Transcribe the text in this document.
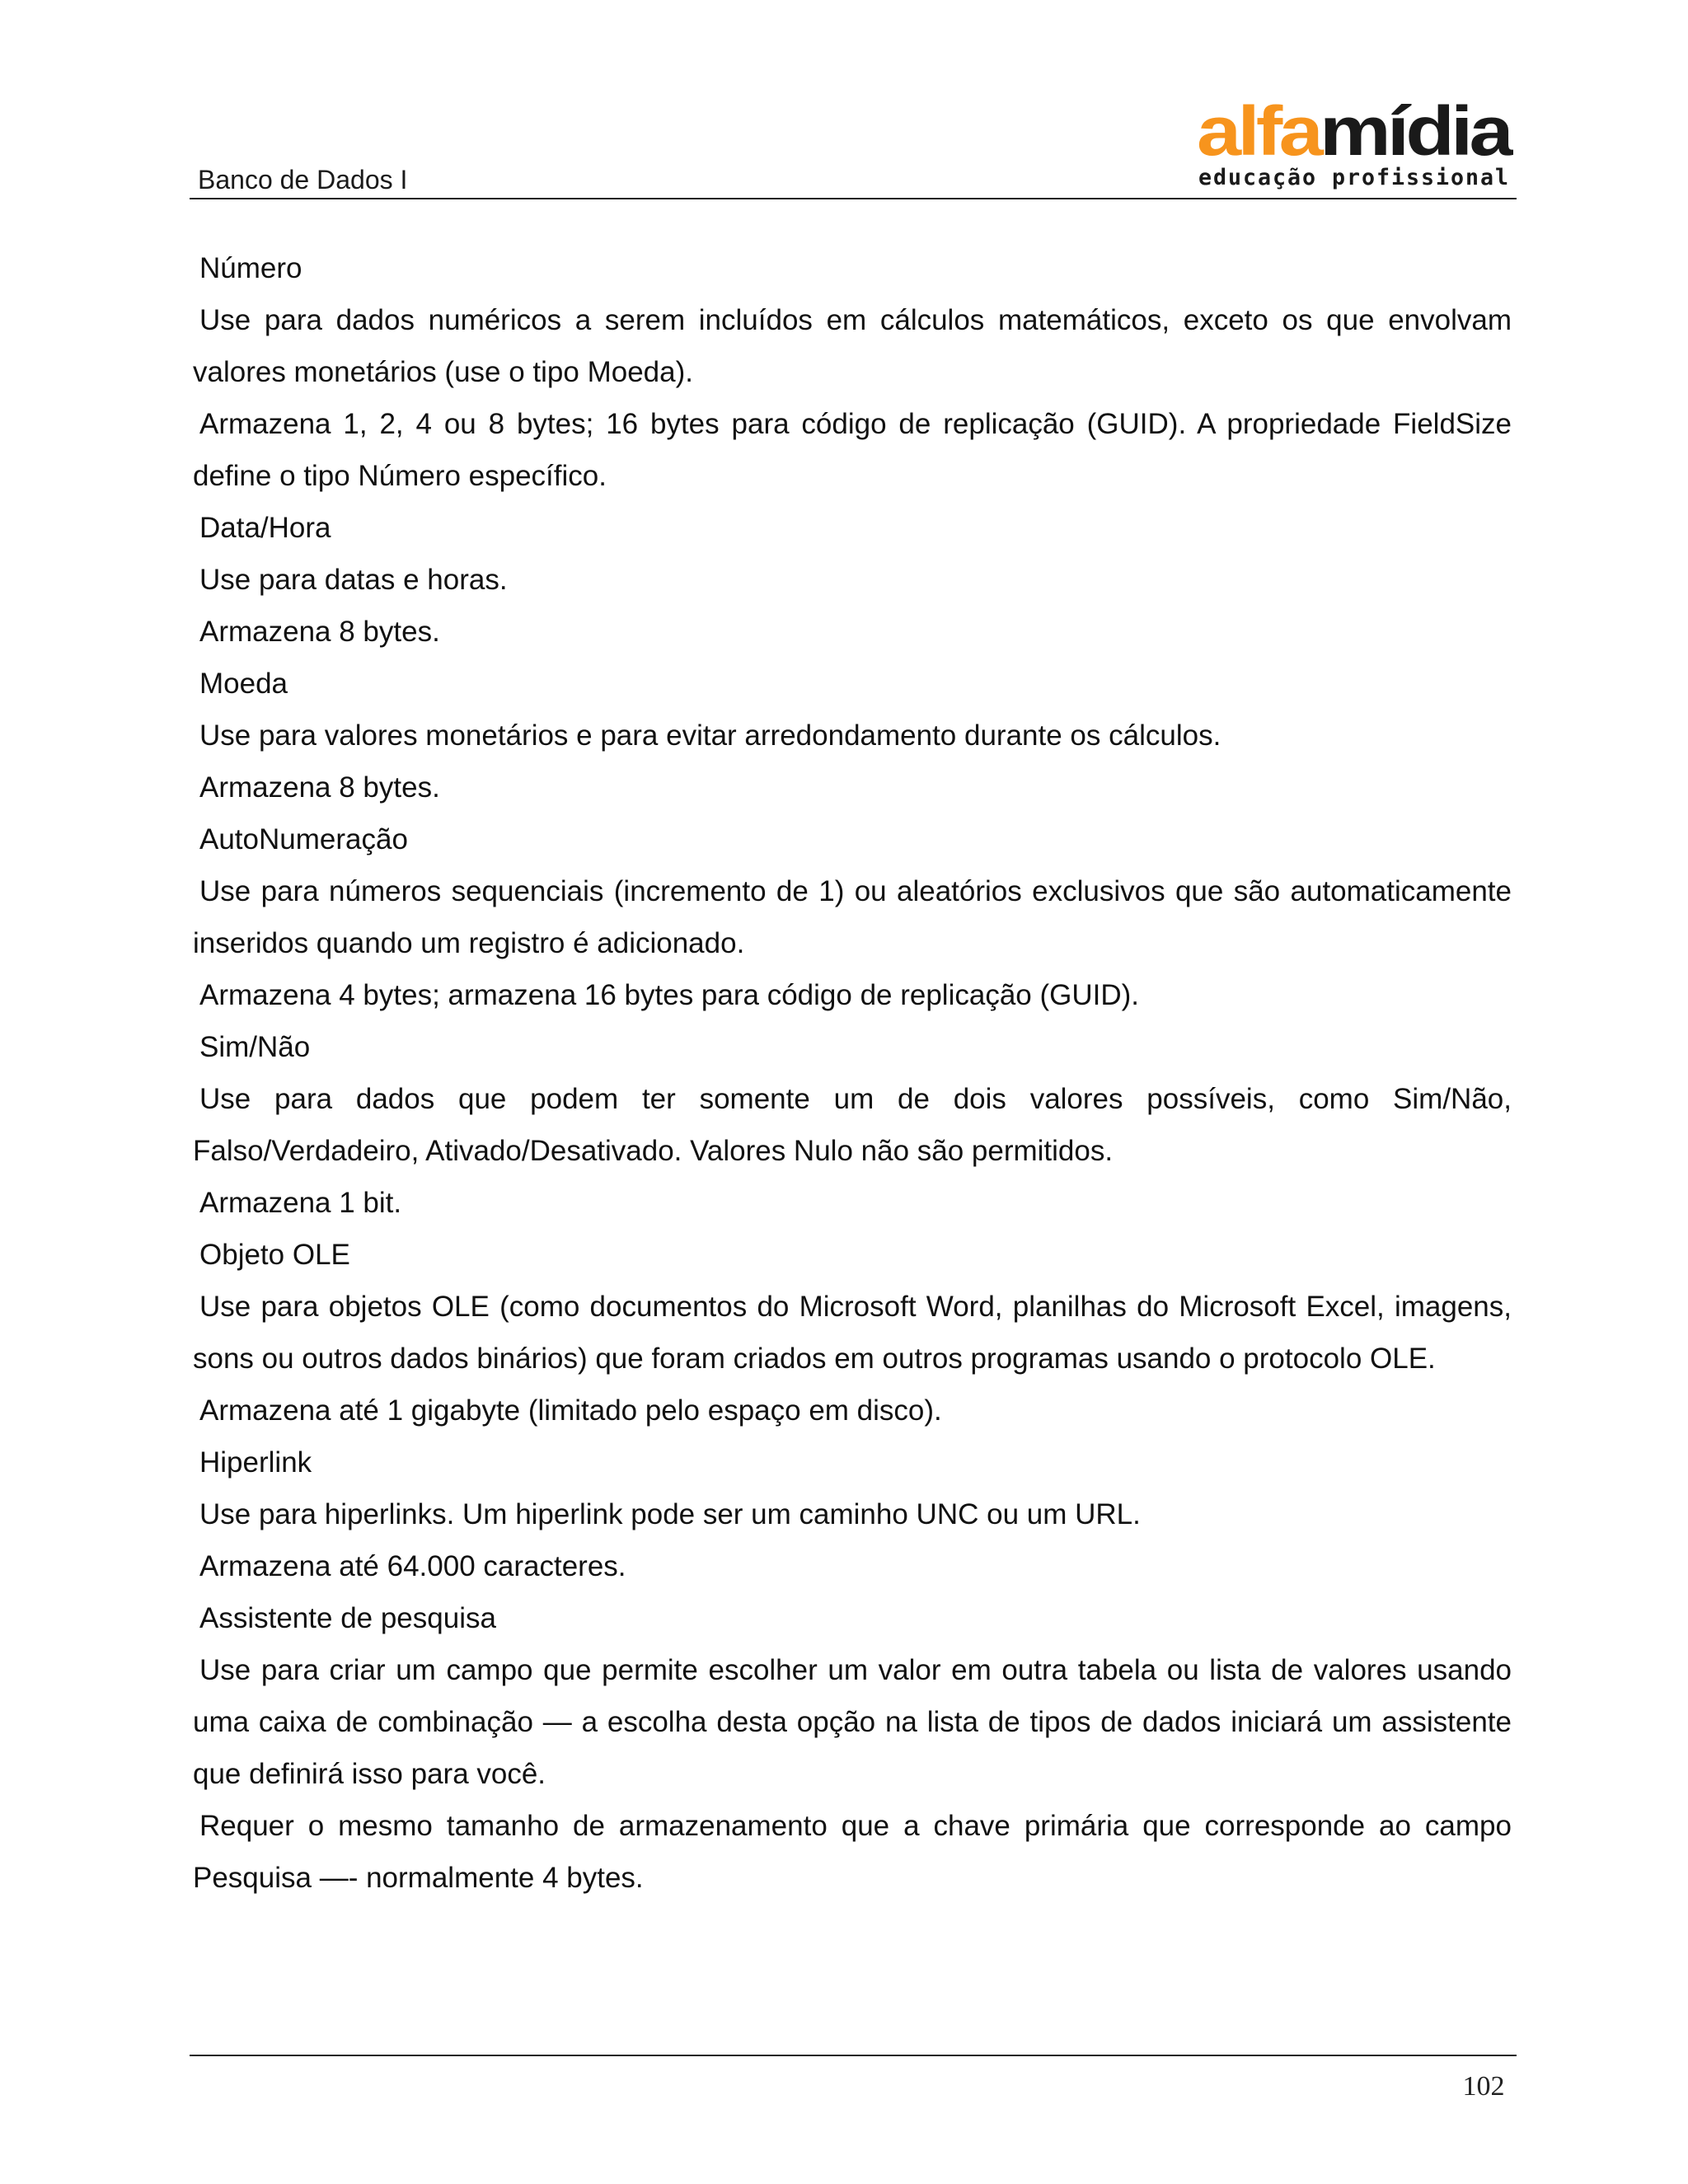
Banco de Dados I
alfa mídia
educação profissional

Número

Use para dados numéricos a serem incluídos em cálculos matemáticos, exceto os que envolvam valores monetários (use o tipo Moeda).

Armazena 1, 2, 4 ou 8 bytes; 16 bytes para código de replicação (GUID). A propriedade FieldSize define o tipo Número específico.

Data/Hora

Use para datas e horas.

Armazena 8 bytes.

Moeda

Use para valores monetários e para evitar arredondamento durante os cálculos.

Armazena 8 bytes.

AutoNumeração

Use para números sequenciais (incremento de 1) ou aleatórios exclusivos que são automaticamente inseridos quando um registro é adicionado.

Armazena 4 bytes; armazena 16 bytes para código de replicação (GUID).

Sim/Não

Use para dados que podem ter somente um de dois valores possíveis, como Sim/Não, Falso/Verdadeiro, Ativado/Desativado. Valores Nulo não são permitidos.

Armazena 1 bit.

Objeto OLE

Use para objetos OLE (como documentos do Microsoft Word, planilhas do Microsoft Excel, imagens, sons ou outros dados binários) que foram criados em outros programas usando o protocolo OLE.

Armazena até 1 gigabyte (limitado pelo espaço em disco).

Hiperlink

Use para hiperlinks. Um hiperlink pode ser um caminho UNC ou um URL.

Armazena até 64.000 caracteres.

Assistente de pesquisa

Use para criar um campo que permite escolher um valor em outra tabela ou lista de valores usando uma caixa de combinação — a escolha desta opção na lista de tipos de dados iniciará um assistente que definirá isso para você.

Requer o mesmo tamanho de armazenamento que a chave primária que corresponde ao campo Pesquisa —- normalmente 4 bytes.

102
